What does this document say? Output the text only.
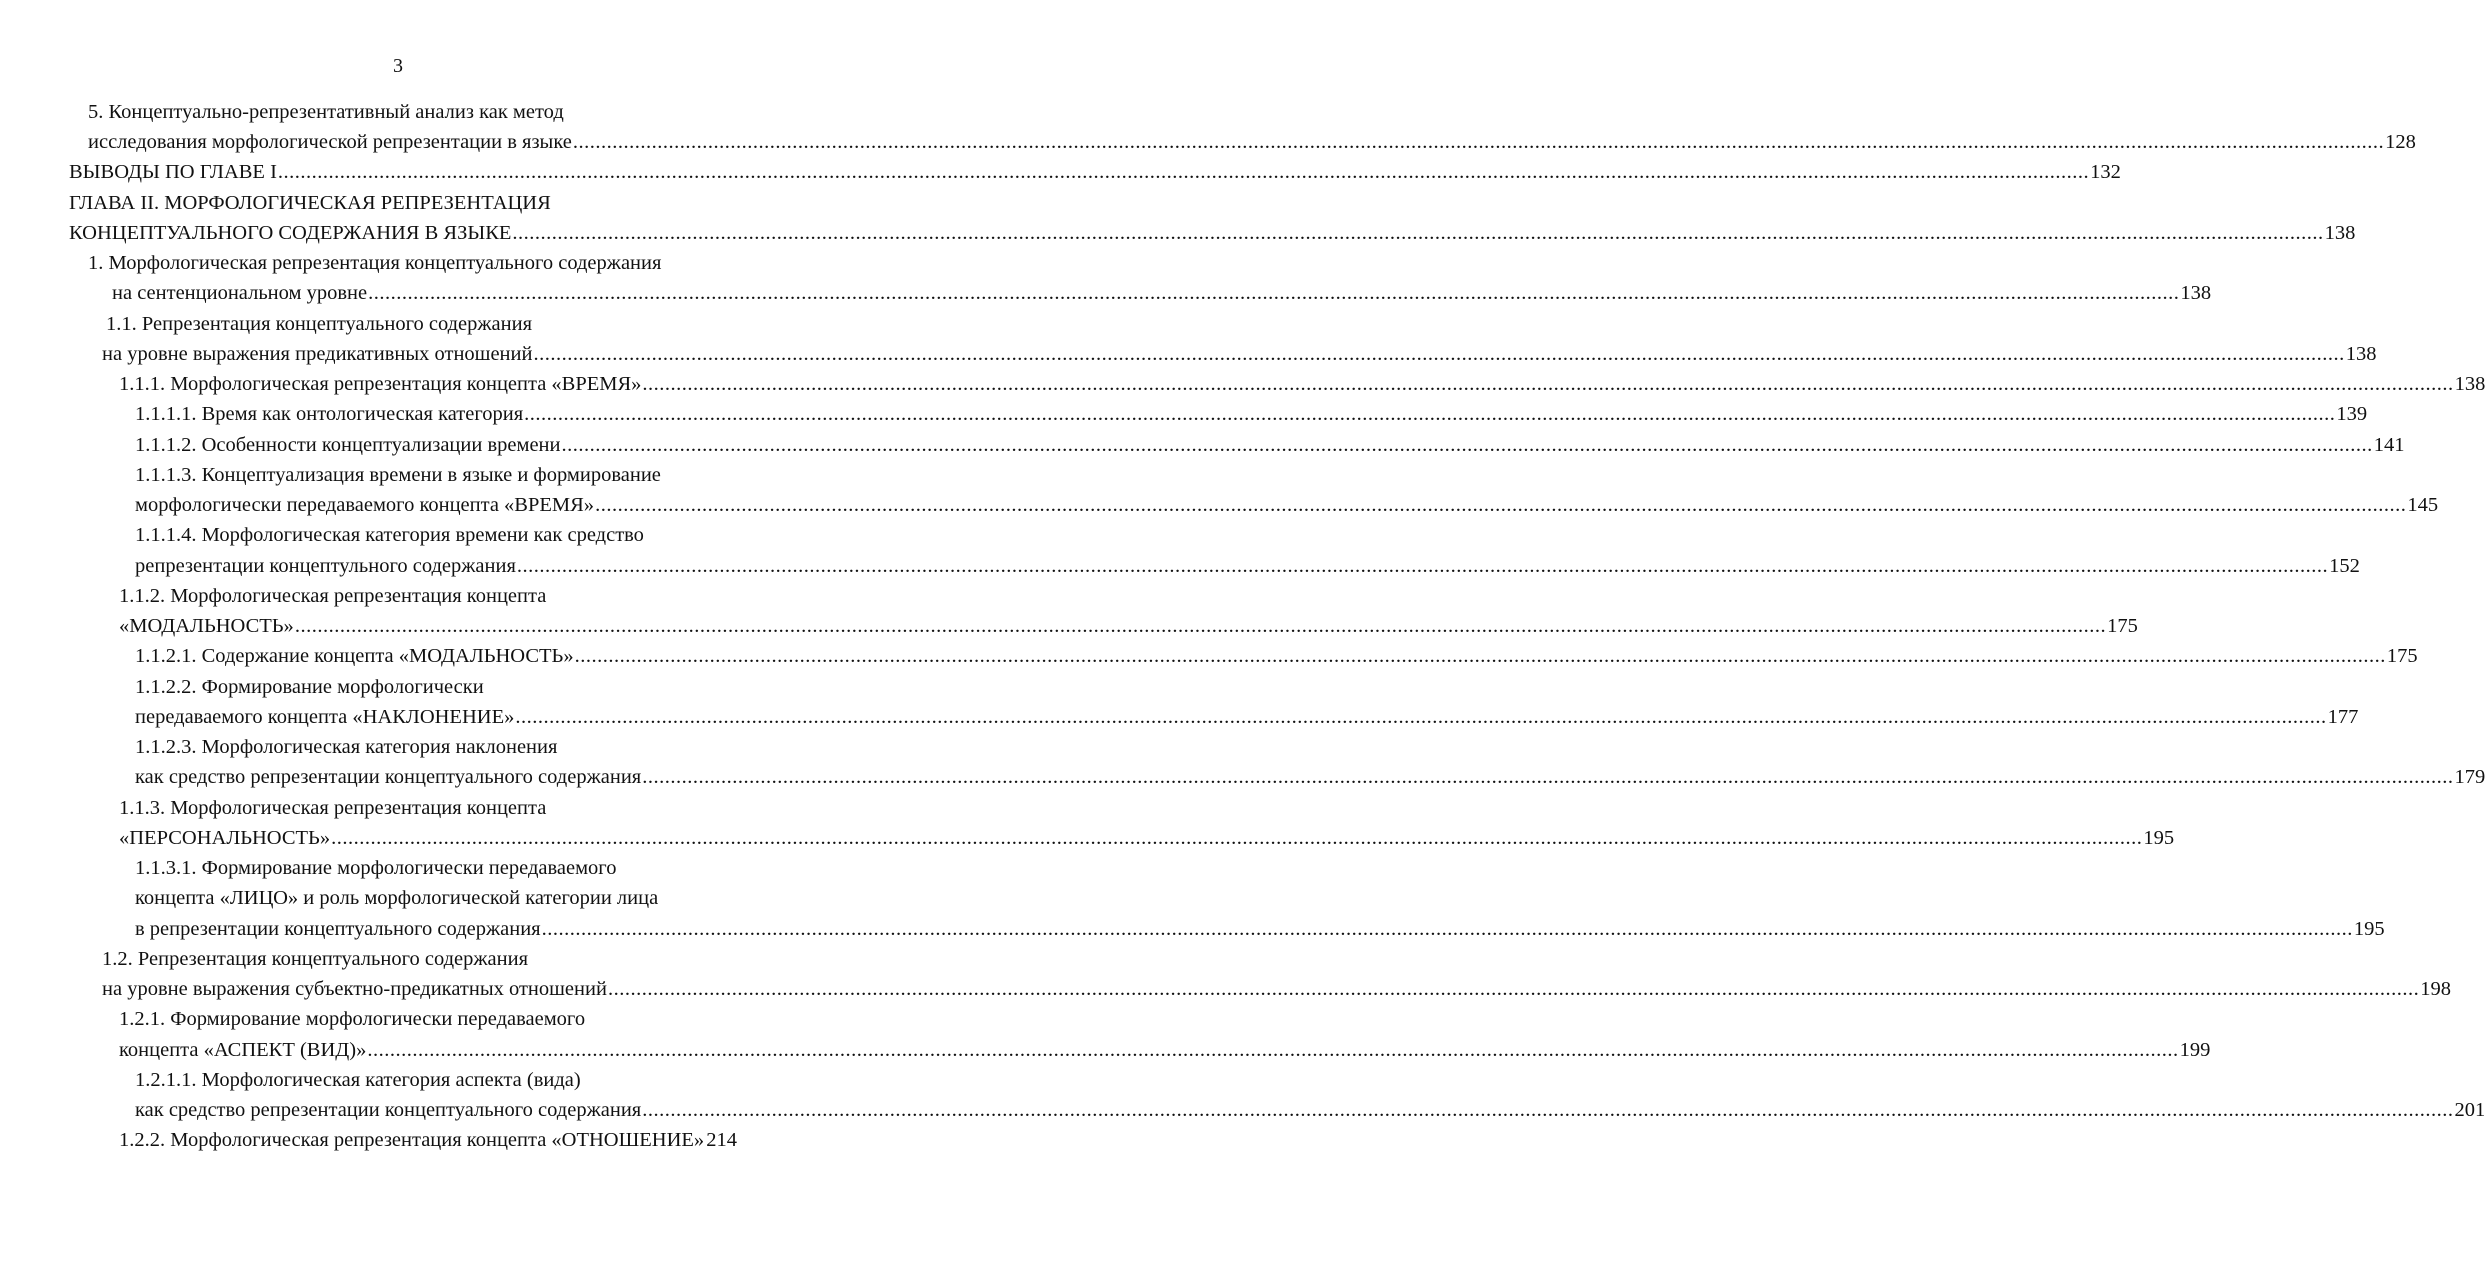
3
5. Концептуально-репрезентативный анализ как метод
исследования морфологической репрезентации в языке .................................................................................................................................................................................................................................................................................................................................. 128
ВЫВОДЫ ПО ГЛАВЕ I .................................................................................................................................................................................................................................................................................................................................. 132
ГЛАВА II. МОРФОЛОГИЧЕСКАЯ РЕПРЕЗЕНТАЦИЯ
КОНЦЕПТУАЛЬНОГО СОДЕРЖАНИЯ В ЯЗЫКЕ .................................................................................................................................................................................................................................................................................................................................. 138
1. Морфологическая репрезентация концептуального содержания
на сентенциональном уровне .................................................................................................................................................................................................................................................................................................................................. 138
1.1. Репрезентация концептуального содержания
на уровне выражения предикативных отношений .................................................................................................................................................................................................................................................................................................................................. 138
1.1.1. Морфологическая репрезентация концепта «ВРЕМЯ» .................................................................................................................................................................................................................................................................................................................................. 138
1.1.1.1. Время как онтологическая категория .................................................................................................................................................................................................................................................................................................................................. 139
1.1.1.2. Особенности концептуализации времени .................................................................................................................................................................................................................................................................................................................................. 141
1.1.1.3. Концептуализация времени в языке и формирование
морфологически передаваемого концепта «ВРЕМЯ» .................................................................................................................................................................................................................................................................................................................................. 145
1.1.1.4. Морфологическая категория времени как средство
репрезентации концептульного содержания .................................................................................................................................................................................................................................................................................................................................. 152
1.1.2. Морфологическая репрезентация концепта
«МОДАЛЬНОСТЬ» .................................................................................................................................................................................................................................................................................................................................. 175
1.1.2.1. Содержание концепта «МОДАЛЬНОСТЬ» .................................................................................................................................................................................................................................................................................................................................. 175
1.1.2.2. Формирование морфологически
передаваемого концепта «НАКЛОНЕНИЕ» .................................................................................................................................................................................................................................................................................................................................. 177
1.1.2.3. Морфологическая категория наклонения
как средство репрезентации концептуального содержания .................................................................................................................................................................................................................................................................................................................................. 179
1.1.3. Морфологическая репрезентация концепта
«ПЕРСОНАЛЬНОСТЬ» .................................................................................................................................................................................................................................................................................................................................. 195
1.1.3.1. Формирование морфологически передаваемого
концепта «ЛИЦО» и роль морфологической категории лица
в репрезентации концептуального содержания .................................................................................................................................................................................................................................................................................................................................. 195
1.2. Репрезентация концептуального содержания
на уровне выражения субъектно-предикатных отношений .................................................................................................................................................................................................................................................................................................................................. 198
1.2.1. Формирование морфологически передаваемого
концепта «АСПЕКТ (ВИД)» .................................................................................................................................................................................................................................................................................................................................. 199
1.2.1.1. Морфологическая категория аспекта (вида)
как средство репрезентации концептуального содержания .................................................................................................................................................................................................................................................................................................................................. 201
1.2.2. Морфологическая репрезентация концепта «ОТНОШЕНИЕ» 214
